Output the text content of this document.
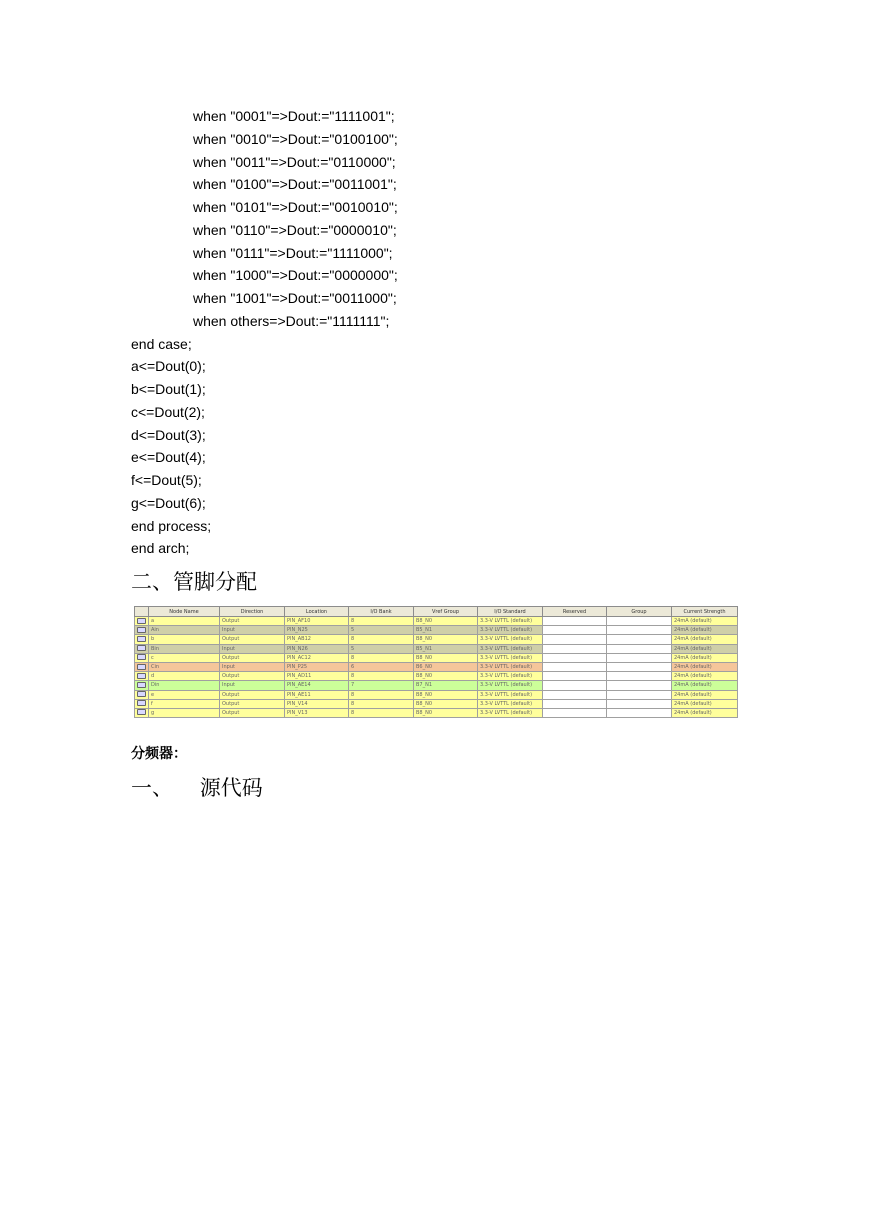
when "0001"=>Dout:="1111001";
when "0010"=>Dout:="0100100";
when "0011"=>Dout:="0110000";
when "0100"=>Dout:="0011001";
when "0101"=>Dout:="0010010";
when "0110"=>Dout:="0000010";
when "0111"=>Dout:="1111000";
when "1000"=>Dout:="0000000";
when "1001"=>Dout:="0011000";
when others=>Dout:="1111111";
end case;
a<=Dout(0);
b<=Dout(1);
c<=Dout(2);
d<=Dout(3);
e<=Dout(4);
f<=Dout(5);
g<=Dout(6);
end process;
end arch;
二、管脚分配
	Node Name	Direction	Location	I/O Bank	Vref Group	I/O Standard	Reserved	Group	Current Strength
	a	Output	PIN_AF10	8	B8_N0	3.3-V LVTTL (default)			24mA (default)
	Ain	Input	PIN_N25	5	B5_N1	3.3-V LVTTL (default)			24mA (default)
	b	Output	PIN_AB12	8	B8_N0	3.3-V LVTTL (default)			24mA (default)
	Bin	Input	PIN_N26	5	B5_N1	3.3-V LVTTL (default)			24mA (default)
	c	Output	PIN_AC12	8	B8_N0	3.3-V LVTTL (default)			24mA (default)
	Cin	Input	PIN_P25	6	B6_N0	3.3-V LVTTL (default)			24mA (default)
	d	Output	PIN_AD11	8	B8_N0	3.3-V LVTTL (default)			24mA (default)
	Din	Input	PIN_AE14	7	B7_N1	3.3-V LVTTL (default)			24mA (default)
	e	Output	PIN_AE11	8	B8_N0	3.3-V LVTTL (default)			24mA (default)
	f	Output	PIN_V14	8	B8_N0	3.3-V LVTTL (default)			24mA (default)
	g	Output	PIN_V13	8	B8_N0	3.3-V LVTTL (default)			24mA (default)
分频器：
一、    源代码
